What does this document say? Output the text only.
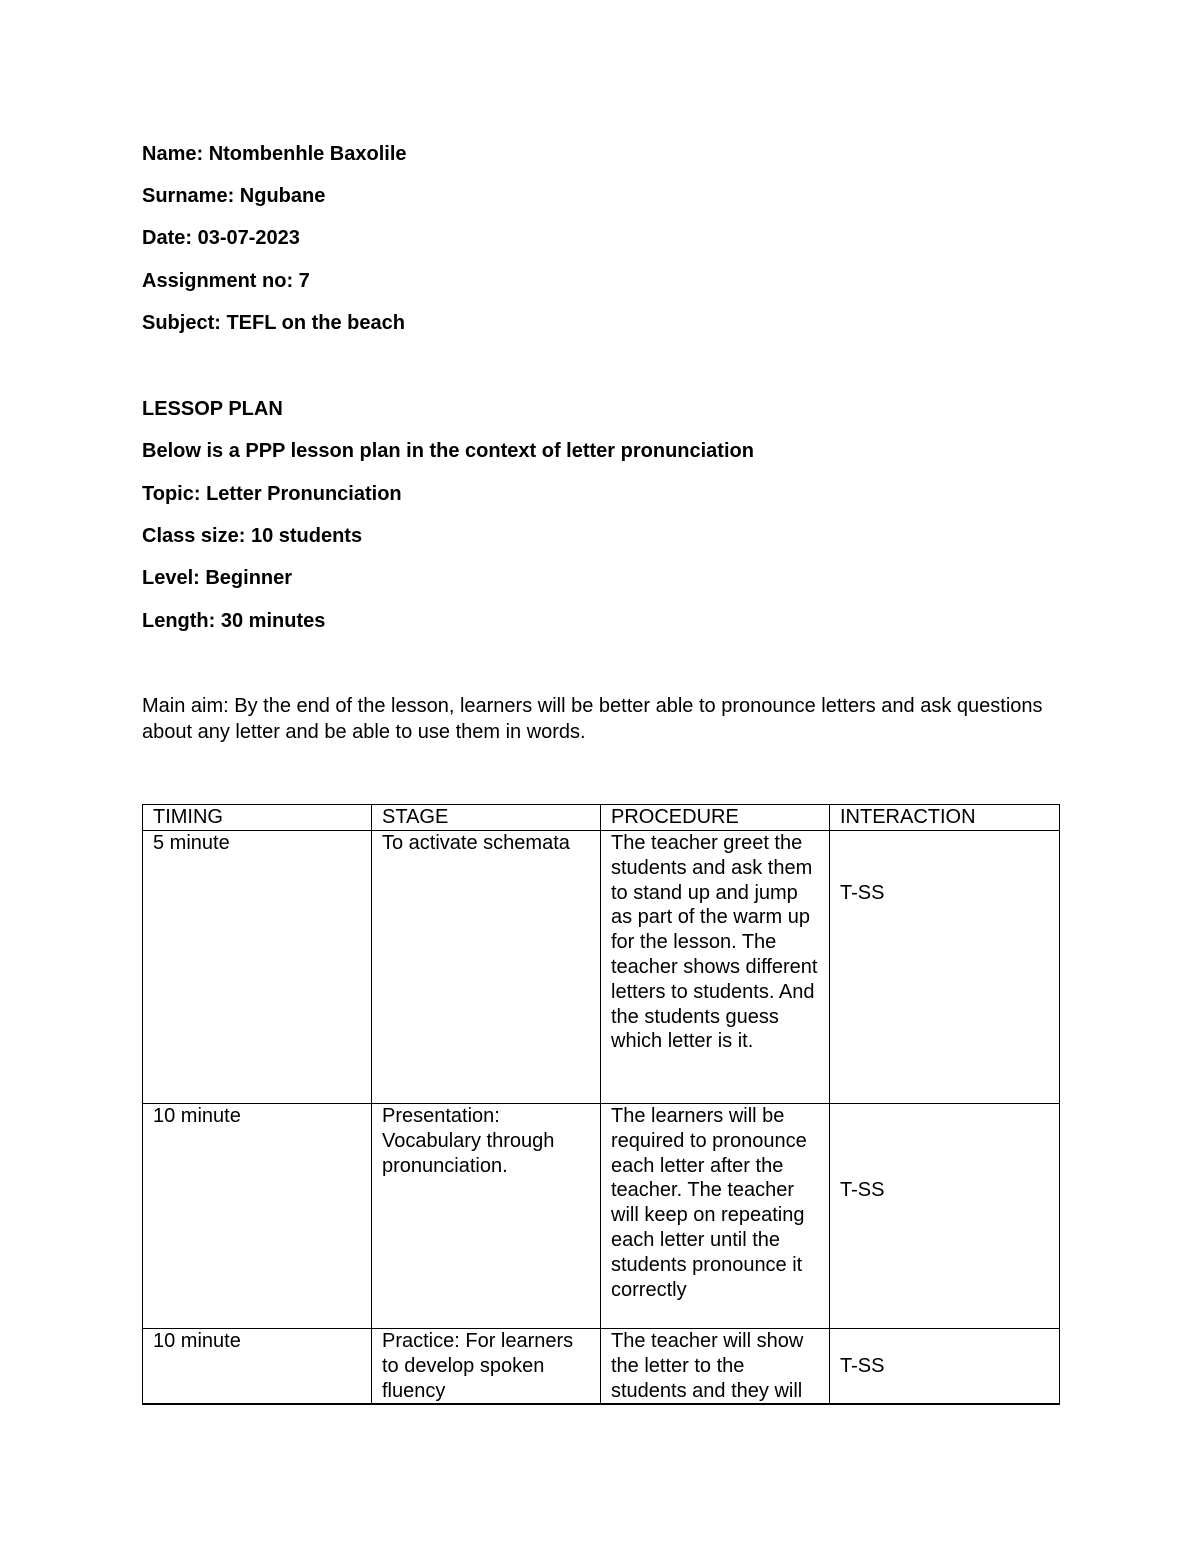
Name: Ntombenhle Baxolile
Surname: Ngubane
Date: 03-07-2023
Assignment no: 7
Subject: TEFL on the beach
LESSOP PLAN
Below is a PPP lesson plan in the context of letter pronunciation
Topic: Letter Pronunciation
Class size: 10 students
Level: Beginner
Length: 30 minutes
Main aim: By the end of the lesson, learners will be better able to pronounce letters and ask questions about any letter and be able to use them in words.
TIMING	STAGE	PROCEDURE	INTERACTION
5 minute	To activate schemata	The teacher greet the students and ask them to stand up and jump as part of the warm up for the lesson. The teacher shows different letters to students. And the students guess which letter is it.	T-SS

10 minute	Presentation: Vocabulary through pronunciation.	The learners will be required to pronounce each letter after the teacher. The teacher will keep on repeating each letter until the students pronounce it correctly	T-SS

10 minute	Practice: For learners to develop spoken fluency	The teacher will show the letter to the students and they will	T-SS
